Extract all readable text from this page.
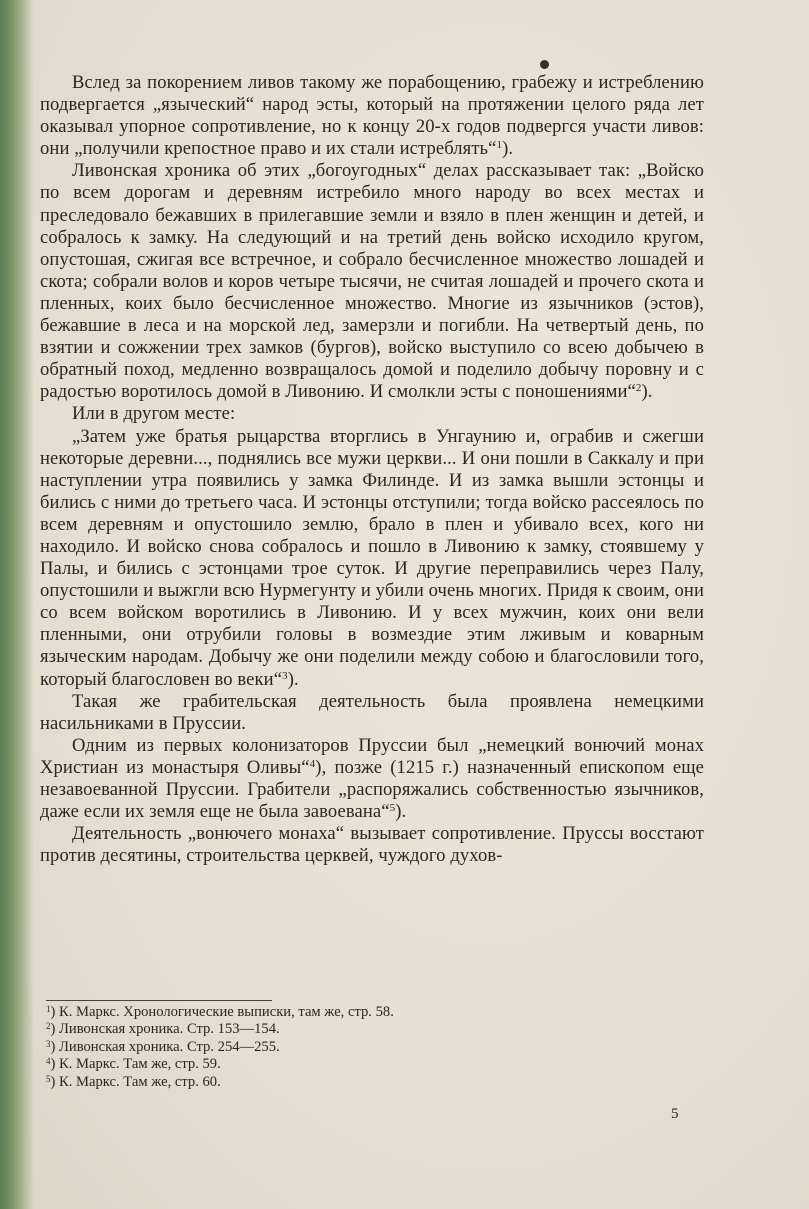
Вслед за покорением ливов такому же порабощению, грабежу и истреблению подвергается „языческий“ народ эсты, который на протяжении целого ряда лет оказывал упорное сопротивление, но к концу 20-х годов подвергся участи ливов: они „получили крепостное право и их стали истреблять“$^1$).

Ливонская хроника об этих „богоугодных“ делах рассказывает так: „Войско по всем дорогам и деревням истребило много народу во всех местах и преследовало бежавших в прилегавшие земли и взяло в плен женщин и детей, и собралось к замку. На следующий и на третий день войско исходило кругом, опустошая, сжигая все встречное, и собрало бесчисленное множество лошадей и скота; собрали волов и коров четыре тысячи, не считая лошадей и прочего скота и пленных, коих было бесчисленное множество. Многие из язычников (эстов), бежавшие в леса и на морской лед, замерзли и погибли. На четвертый день, по взятии и сожжении трех замков (бургов), войско выступило со всею добычею в обратный поход, медленно возвращалось домой и поделило добычу поровну и с радостью воротилось домой в Ливонию. И смолкли эсты с поношениями“$^2$).

Или в другом месте:

„Затем уже братья рыцарства вторглись в Унгаунию и, ограбив и сжегши некоторые деревни..., поднялись все мужи церкви... И они пошли в Саккалу и при наступлении утра появились у замка Филинде. И из замка вышли эстонцы и бились с ними до третьего часа. И эстонцы отступили; тогда войско рассеялось по всем деревням и опустошило землю, брало в плен и убивало всех, кого ни находило. И войско снова собралось и пошло в Ливонию к замку, стоявшему у Палы, и бились с эстонцами трое суток. И другие переправились через Палу, опустошили и выжгли всю Нурмегунту и убили очень многих. Придя к своим, они со всем войском воротились в Ливонию. И у всех мужчин, коих они вели пленными, они отрубили головы в возмездие этим лживым и коварным языческим народам. Добычу же они поделили между собою и благословили того, который благословен во веки“$^3$).

Такая же грабительская деятельность была проявлена немецкими насильниками в Пруссии.

Одним из первых колонизаторов Пруссии был „немецкий вонючий монах Христиан из монастыря Оливы“$^4$), позже (1215 г.) назначенный епископом еще незавоеванной Пруссии. Грабители „распоряжались собственностью язычников, даже если их земля еще не была завоевана“$^5$).

Деятельность „вонючего монаха“ вызывает сопротивление. Пруссы восстают против десятины, строительства церквей, чуждого духов-

$^1$) К. Маркс. Хронологические выписки, там же, стр. 58.

$^2$) Ливонская хроника. Стр. 153—154.

$^3$) Ливонская хроника. Стр. 254—255.

$^4$) К. Маркс. Там же, стр. 59.

$^5$) К. Маркс. Там же, стр. 60.

5
